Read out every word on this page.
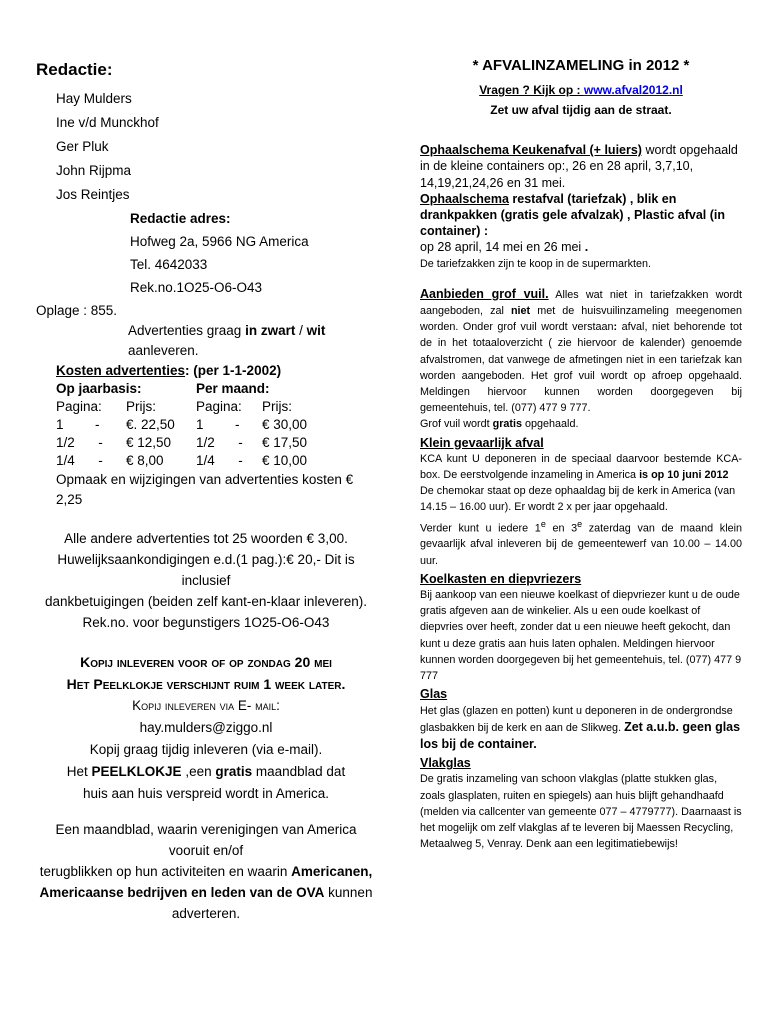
Redactie:
Hay Mulders
Ine v/d Munckhof
Ger Pluk
John Rijpma
Jos Reintjes
Redactie adres:
Hofweg 2a, 5966 NG America
Tel. 4642033
Rek.no.1O25-O6-O43
Oplage : 855.
Advertenties graag in zwart / wit aanleveren.
Kosten advertenties: (per 1-1-2002)
Op jaarbasis:	Per maand:
Pagina:	Prijs:	Pagina:	Prijs:
1 -	€. 22,50	1 -	€ 30,00
1/2 -	€ 12,50	1/2 -	€ 17,50
1/4 -	€ 8,00	1/4 -	€ 10,00
Opmaak en wijzigingen van advertenties kosten € 2,25
Alle andere advertenties tot 25 woorden € 3,00.
Huwelijksaankondigingen e.d.(1 pag.):€ 20,- Dit is inclusief
dankbetuigingen (beiden zelf kant-en-klaar inleveren).
Rek.no. voor begunstigers 1O25-O6-O43
Kopij inleveren voor of op zondag 20 mei
Het Peelklokje verschijnt ruim 1 week later.
Kopij inleveren via E- mail:
hay.mulders@ziggo.nl
Kopij graag tijdig inleveren (via e-mail).
Het PEELKLOKJE ,een gratis maandblad dat
huis aan huis verspreid wordt in America.
Een maandblad, waarin verenigingen van America vooruit en/of
terugblikken op hun activiteiten en waarin Americanen,
Americaanse bedrijven en leden van de OVA kunnen
adverteren.
* AFVALINZAMELING in 2012 *
Vragen ? Kijk op : www.afval2012.nl
Zet uw afval tijdig aan de straat.

Ophaalschema Keukenafval (+ luiers) wordt opgehaald in de kleine containers op:, 26 en 28 april, 3,7,10, 14,19,21,24,26 en 31 mei.

Ophaalschema restafval (tariefzak) , blik en drankpakken (gratis gele afvalzak) , Plastic afval (in container) :

op 28 april, 14 mei en 26 mei .

De tariefzakken zijn te koop in de supermarkten.

Aanbieden grof vuil. Alles wat niet in tariefzakken wordt aangeboden, zal niet met de huisvuilinzameling meegenomen worden. Onder grof vuil wordt verstaan: afval, niet behorende tot de in het totaaloverzicht ( zie hiervoor de kalender) genoemde afvalstromen, dat vanwege de afmetingen niet in een tariefzak kan worden aangeboden. Het grof vuil wordt op afroep opgehaald. Meldingen hiervoor kunnen worden doorgegeven bij gemeentehuis, tel. (077) 477 9 777.

Grof vuil wordt gratis opgehaald.

Klein gevaarlijk afval

KCA kunt U deponeren in de speciaal daarvoor bestemde KCA-box. De eerstvolgende inzameling in America is op 10 juni 2012

De chemokar staat op deze ophaaldag bij de kerk in America (van 14.15 – 16.00 uur). Er wordt 2 x per jaar opgehaald.

Verder kunt u iedere 1e en 3e zaterdag van de maand klein gevaarlijk afval inleveren bij de gemeentewerf van 10.00 – 14.00 uur.

Koelkasten en diepvriezers

Bij aankoop van een nieuwe koelkast of diepvriezer kunt u de oude gratis afgeven aan de winkelier. Als u een oude koelkast of diepvries over heeft, zonder dat u een nieuwe heeft gekocht, dan kunt u deze gratis aan huis laten ophalen. Meldingen hiervoor kunnen worden doorgegeven bij het gemeentehuis, tel. (077) 477 9 777

Glas

Het glas (glazen en potten) kunt u deponeren in de ondergrondse glasbakken bij de kerk en aan de Slikweg. Zet a.u.b. geen glas los bij de container.

Vlakglas

De gratis inzameling van schoon vlakglas (platte stukken glas, zoals glasplaten, ruiten en spiegels) aan huis blijft gehandhaafd (melden via callcenter van gemeente 077 – 4779777). Daarnaast is het mogelijk om zelf vlakglas af te leveren bij Maessen Recycling, Metaalweg 5, Venray. Denk aan een legitimatiebewijs!
